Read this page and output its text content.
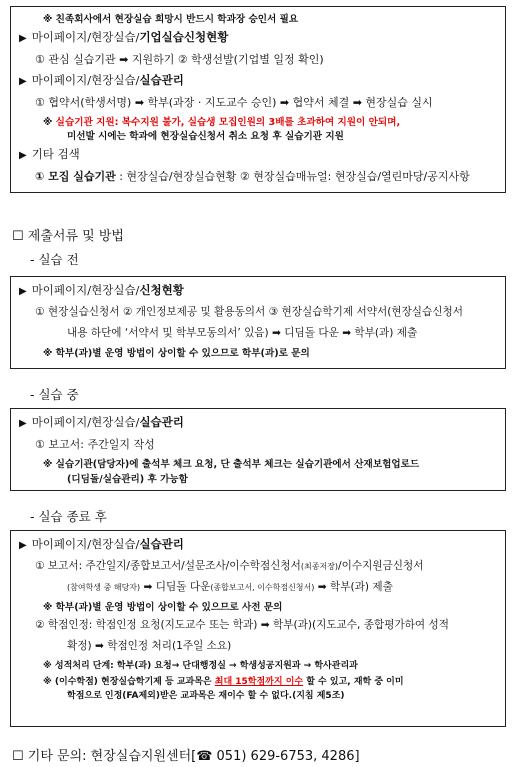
※ 친족회사에서 현장실습 희망시 반드시 학과장 승인서 필요
▶ 마이페이지/현장실습/기업실습신청현황
① 관심 실습기관 ➡ 지원하기 ② 학생선발(기업별 일정 확인)
▶ 마이페이지/현장실습/실습관리
① 협약서(학생서명) ➡ 학부(과장 · 지도교수 승인) ➡ 협약서 체결 ➡ 현장실습 실시
※ 실습기관 지원: 복수지원 불가, 실습생 모집인원의 3배를 초과하여 지원이 안되며,
미선발 시에는 학과에 현장실습신청서 취소 요청 후 실습기관 지원
▶ 기타 검색
① 모집 실습기관 : 현장실습/현장실습현황 ② 현장실습매뉴얼: 현장실습/열린마당/공지사항
☐ 제출서류 및 방법
- 실습 전
▶ 마이페이지/현장실습/신청현황
① 현장실습신청서 ② 개인정보제공 및 활용동의서 ③ 현장실습학기제 서약서(현장실습신청서
내용 하단에 ‘서약서 및 학부모동의서’ 있음) ➡ 디딤돌 다운 ➡ 학부(과) 제출
※ 학부(과)별 운영 방법이 상이할 수 있으므로 학부(과)로 문의
- 실습 중
▶ 마이페이지/현장실습/실습관리
① 보고서: 주간일지 작성
※ 실습기관(담당자)에 출석부 체크 요청, 단 출석부 체크는 실습기관에서 산재보험업로드
(디딤돌/실습관리) 후 가능함
- 실습 종료 후
▶ 마이페이지/현장실습/실습관리
① 보고서: 주간일지/종합보고서/설문조사/이수학점신청서(최종저장)/이수지원금신청서
(참여학생 중 해당자) ➡ 디딤돌 다운(종합보고서, 이수학점신청서) ➡ 학부(과) 제출
※ 학부(과)별 운영 방법이 상이할 수 있으므로 사전 문의
② 학점인정: 학점인정 요청(지도교수 또는 학과) ➡ 학부(과)(지도교수, 종합평가하여 성적
확정) ➡ 학점인정 처리(1주일 소요)
※ 성적처리 단계: 학부(과) 요청→ 단대행정실 → 학생성공지원과 → 학사관리과
※ (이수학점) 현장실습학기제 등 교과목은 최대 15학점까지 이수 할 수 있고, 재학 중 이미
학점으로 인정(FA제외)받은 교과목은 재이수 할 수 없다.(지침 제5조)
☐ 기타 문의: 현장실습지원센터[☎ 051) 629-6753, 4286]
